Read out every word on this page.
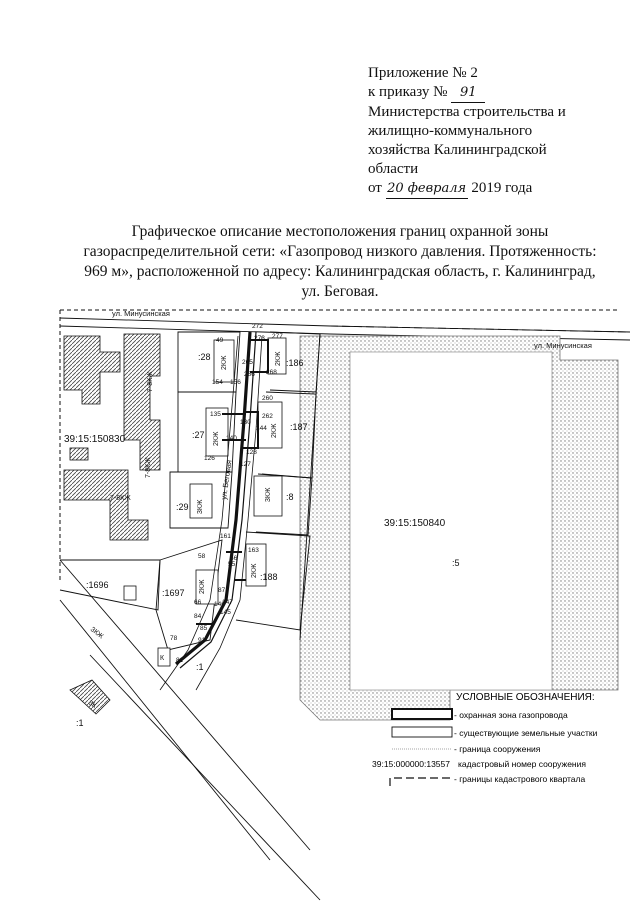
Приложение № 2
к приказу № 91
Министерства строительства и
жилищно-коммунального
хозяйства Калининградской
области
от 20 февраля 2019 года
Графическое описание местоположения границ охранной зоны
газораспределительной сети: «Газопровод низкого давления. Протяженность:
969 м», расположенной по адресу: Калининградская область, г. Калининград,
ул. Беговая.
ул. Минусинская
ул. Минусинская
ул. Беговая
39:15:150830
39:15:150840
:28
:186
:27
:187
:29
:8
:188
:1696
:1697
:5
:1
:1
7-8КЖ
7-8КЖ
7-8КЖ
2КЖ	2КЖ
2КЖ
2КЖ
2КЖ
2КЖ
3КЖ
3КЖ
3КЖ
К
3К
272
273 277
49
265
266 268
154 156
260
135	262
130
144
140
126
128
127
161
163
58	56
55
66
87
145
146
147
85
84
78
81
91
УСЛОВНЫЕ ОБОЗНАЧЕНИЯ:
- охранная зона газопровода
- существующие земельные участки
- граница сооружения
39:15:000000:13557 кадастровый номер сооружения
- границы кадастрового квартала
